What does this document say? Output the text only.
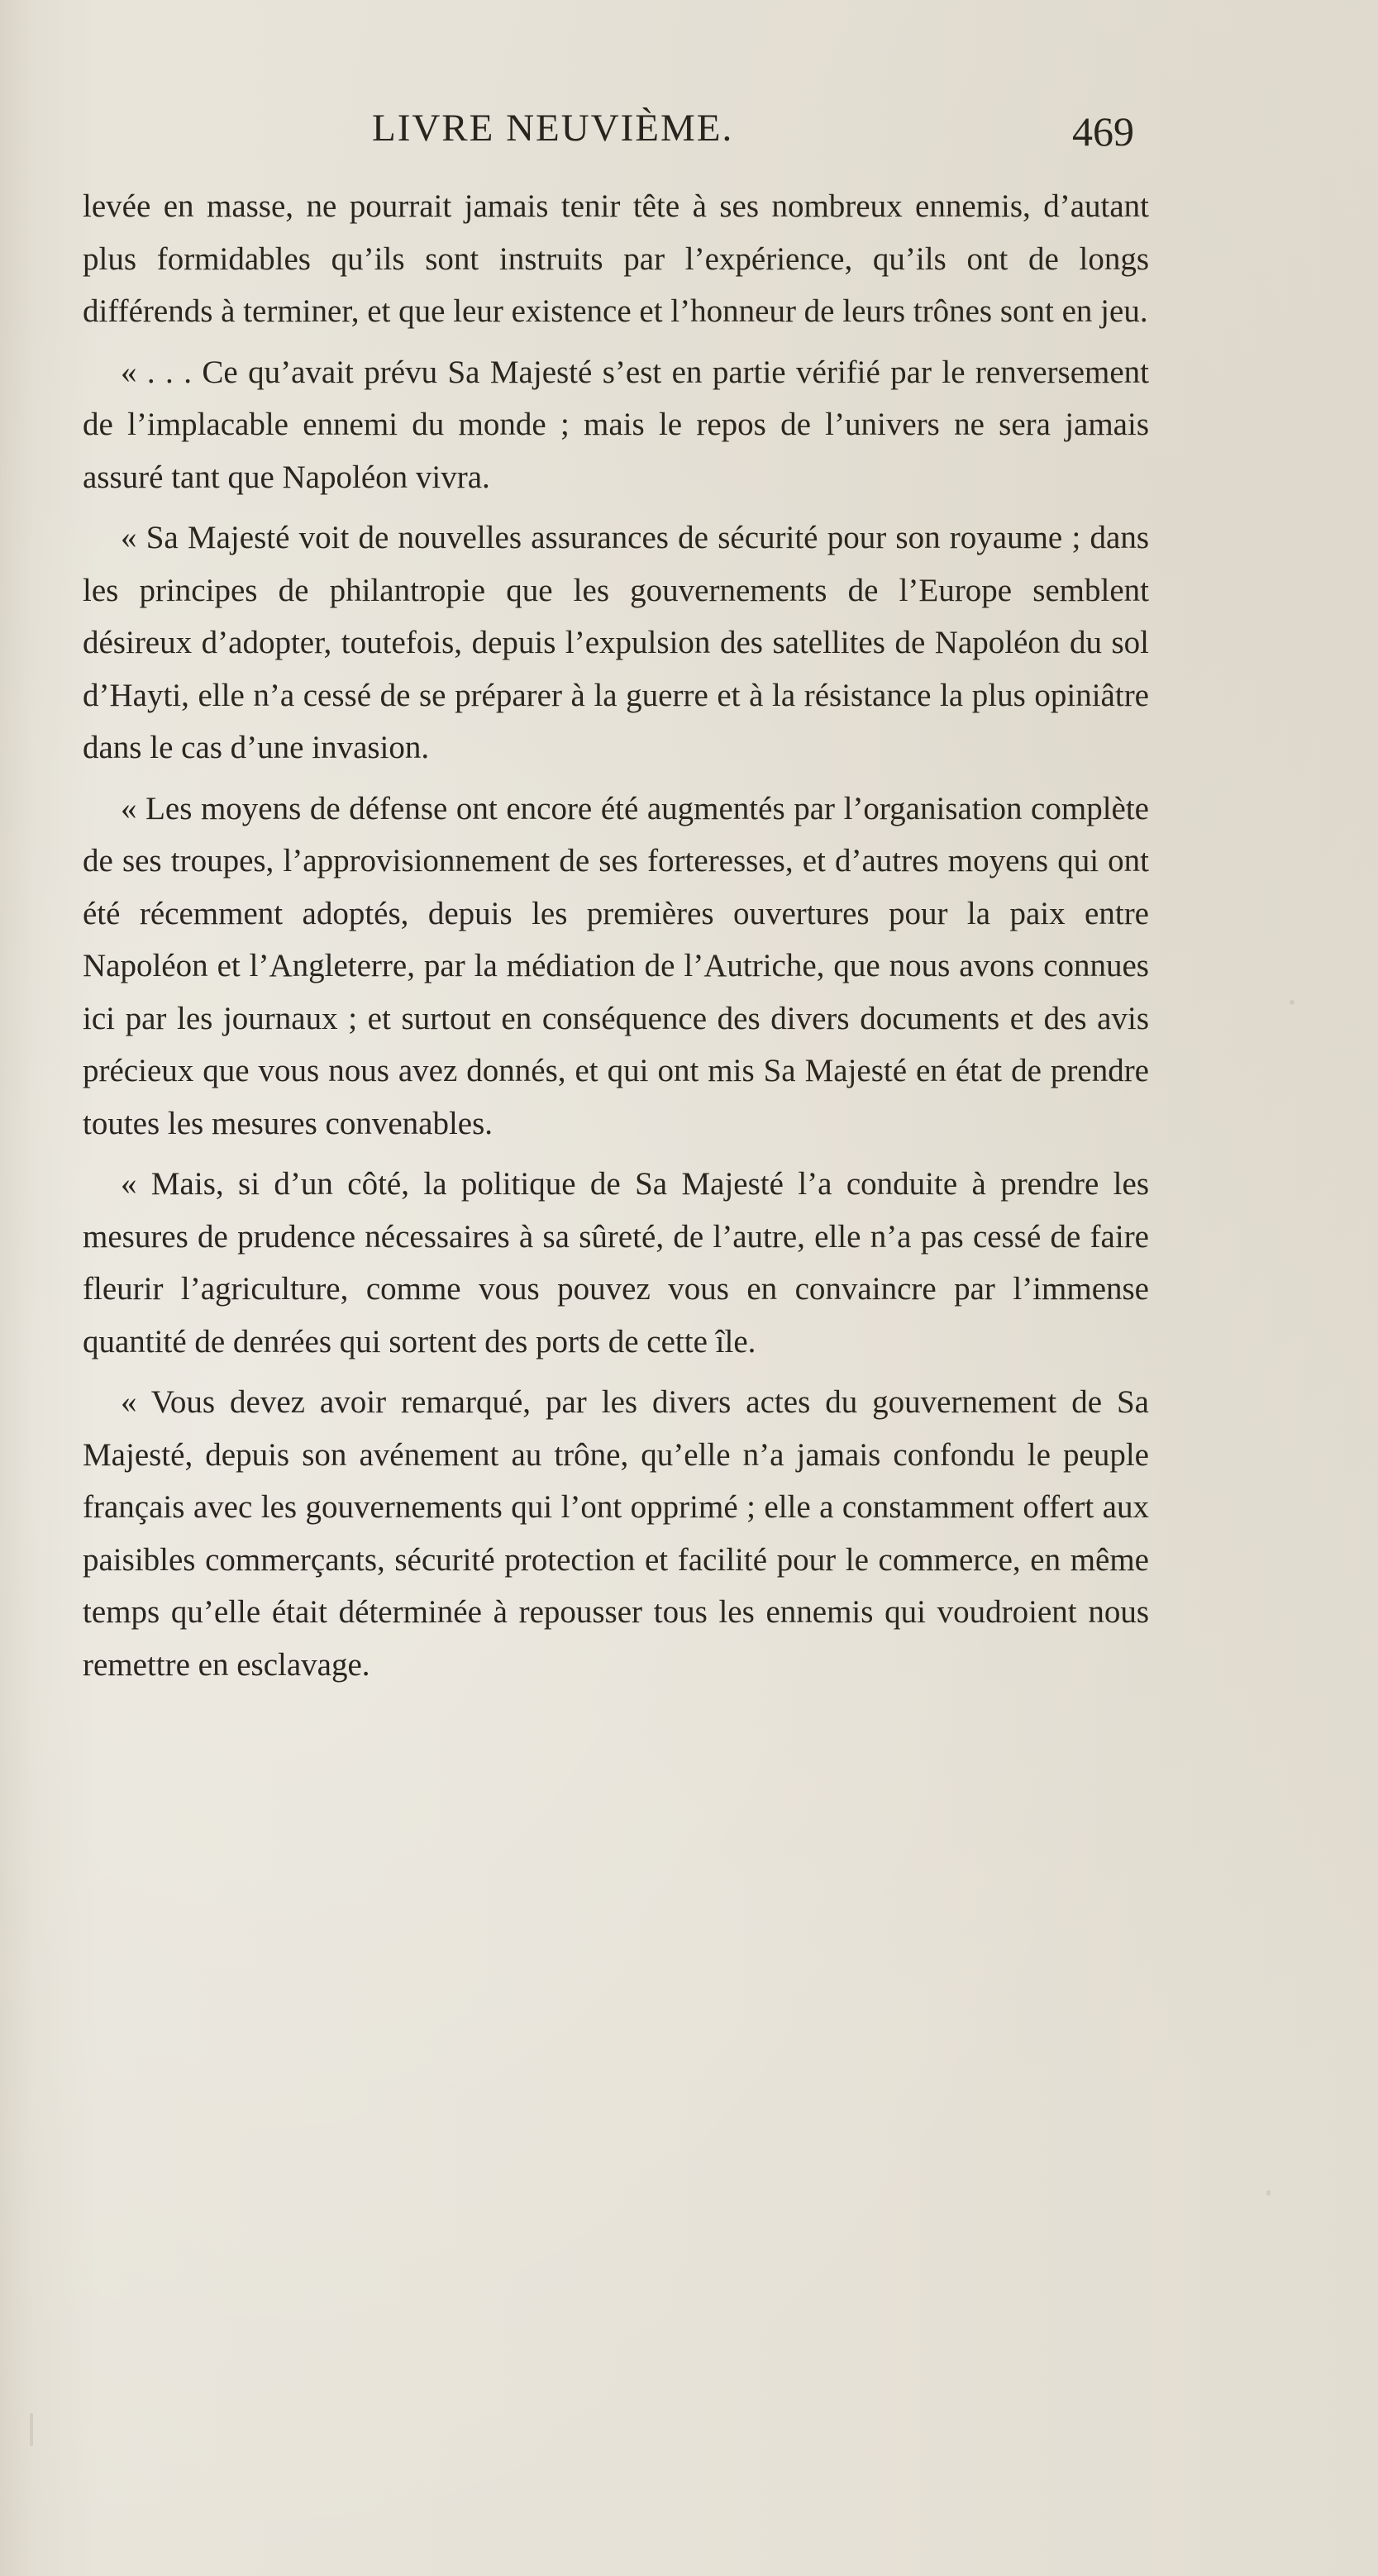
LIVRE NEUVIÈME.	469

levée en masse, ne pourrait jamais tenir tête à ses nombreux ennemis, d’autant plus formidables qu’ils sont instruits par l’expérience, qu’ils ont de longs différends à terminer, et que leur existence et l’honneur de leurs trônes sont en jeu.

« . . . Ce qu’avait prévu Sa Majesté s’est en partie vérifié par le renversement de l’implacable ennemi du monde ; mais le repos de l’univers ne sera jamais assuré tant que Napoléon vivra.

« Sa Majesté voit de nouvelles assurances de sécurité pour son royaume ; dans les principes de philantropie que les gouvernements de l’Europe semblent désireux d’adopter, toutefois, depuis l’expulsion des satellites de Napoléon du sol d’Hayti, elle n’a cessé de se préparer à la guerre et à la résistance la plus opiniâtre dans le cas d’une invasion.

« Les moyens de défense ont encore été augmentés par l’organisation complète de ses troupes, l’approvisionnement de ses forteresses, et d’autres moyens qui ont été récemment adoptés, depuis les premières ouvertures pour la paix entre Napoléon et l’Angleterre, par la médiation de l’Autriche, que nous avons connues ici par les journaux ; et surtout en conséquence des divers documents et des avis précieux que vous nous avez donnés, et qui ont mis Sa Majesté en état de prendre toutes les mesures convenables.

« Mais, si d’un côté, la politique de Sa Majesté l’a conduite à prendre les mesures de prudence nécessaires à sa sûreté, de l’autre, elle n’a pas cessé de faire fleurir l’agriculture, comme vous pouvez vous en convaincre par l’immense quantité de denrées qui sortent des ports de cette île.

« Vous devez avoir remarqué, par les divers actes du gouvernement de Sa Majesté, depuis son avénement au trône, qu’elle n’a jamais confondu le peuple français avec les gouvernements qui l’ont opprimé ; elle a constamment offert aux paisibles commerçants, sécurité protection et facilité pour le commerce, en même temps qu’elle était déterminée à repousser tous les ennemis qui voudroient nous remettre en esclavage.
